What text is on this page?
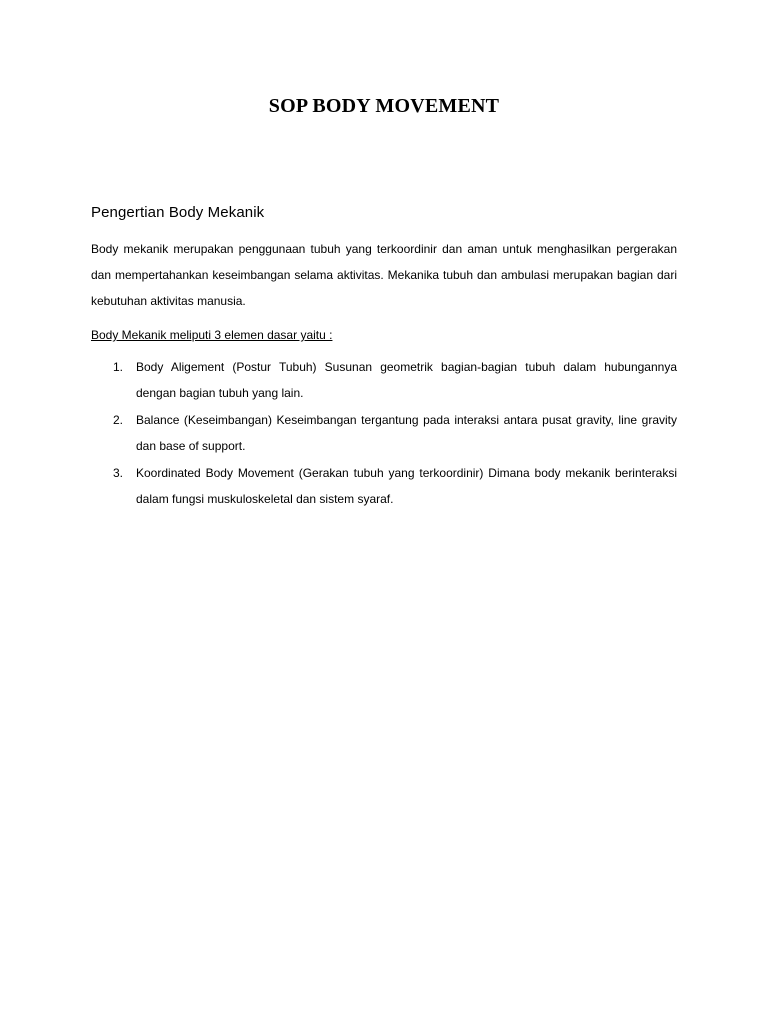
SOP BODY MOVEMENT
Pengertian Body Mekanik

Body mekanik merupakan penggunaan tubuh yang terkoordinir dan aman untuk menghasilkan pergerakan dan mempertahankan keseimbangan selama aktivitas. Mekanika tubuh dan ambulasi merupakan bagian dari kebutuhan aktivitas manusia.

Body Mekanik meliputi 3 elemen dasar yaitu :

1.	Body Aligement (Postur Tubuh) Susunan geometrik bagian-bagian tubuh dalam hubungannya dengan bagian tubuh yang lain.
2.	Balance (Keseimbangan) Keseimbangan tergantung pada interaksi antara pusat gravity, line gravity dan base of support.
3.	Koordinated Body Movement (Gerakan tubuh yang terkoordinir) Dimana body mekanik berinteraksi dalam fungsi muskuloskeletal dan sistem syaraf.
